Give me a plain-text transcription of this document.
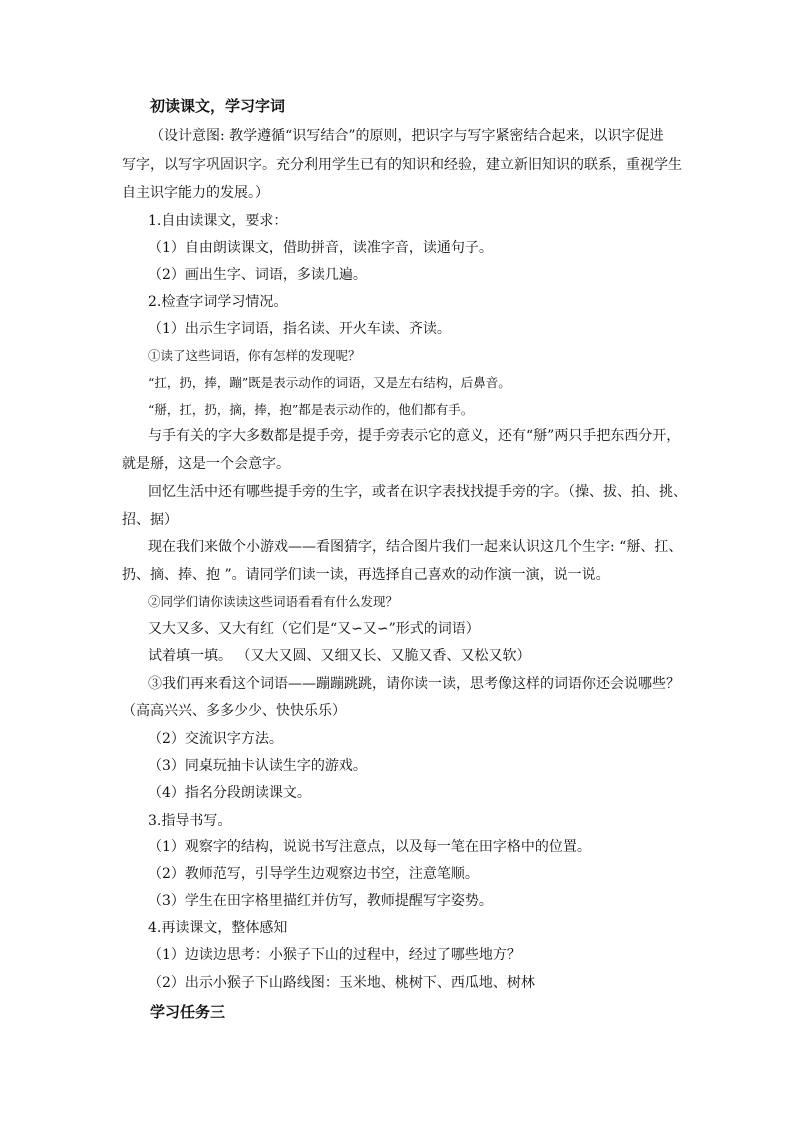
初读课文，学习字词
（设计意图: 教学遵循“识写结合”的原则，把识字与写字紧密结合起来，以识字促进
写字，以写字巩固识字。充分利用学生已有的知识和经验，建立新旧知识的联系，重视学生
自主识字能力的发展。）
1.自由读课文，要求：
（1）自由朗读课文，借助拼音，读准字音，读通句子。
（2）画出生字、词语，多读几遍。
2.检查字词学习情况。
（1）出示生字词语，指名读、开火车读、齐读。
①读了这些词语，你有怎样的发现呢？
“扛，扔，捧，蹦”既是表示动作的词语，又是左右结构，后鼻音。
“掰，扛，扔，摘，捧，抱”都是表示动作的，他们都有手。
与手有关的字大多数都是提手旁，提手旁表示它的意义，还有“掰”两只手把东西分开，
就是掰，这是一个会意字。
回忆生活中还有哪些提手旁的生字，或者在识字表找找提手旁的字。（操、拔、拍、挑、
招、据）
现在我们来做个小游戏——看图猜字，结合图片我们一起来认识这几个生字: “掰、扛、
扔、摘、捧、抱 ”。请同学们读一读，再选择自己喜欢的动作演一演，说一说。
②同学们请你读读这些词语看看有什么发现？
又大又多、又大有红（它们是“又∽又∽”形式的词语）
试着填一填。 （又大又圆、又细又长、又脆又香、又松又软）
③我们再来看这个词语——蹦蹦跳跳，请你读一读，思考像这样的词语你还会说哪些？
（高高兴兴、多多少少、快快乐乐）
（2）交流识字方法。
（3）同桌玩抽卡认读生字的游戏。
（4）指名分段朗读课文。
3.指导书写。
（1）观察字的结构，说说书写注意点，以及每一笔在田字格中的位置。
（2）教师范写，引导学生边观察边书空，注意笔顺。
（3）学生在田字格里描红并仿写，教师提醒写字姿势。
4.再读课文，整体感知
（1）边读边思考：小猴子下山的过程中，经过了哪些地方？
（2）出示小猴子下山路线图：玉米地、桃树下、西瓜地、树林
学习任务三
